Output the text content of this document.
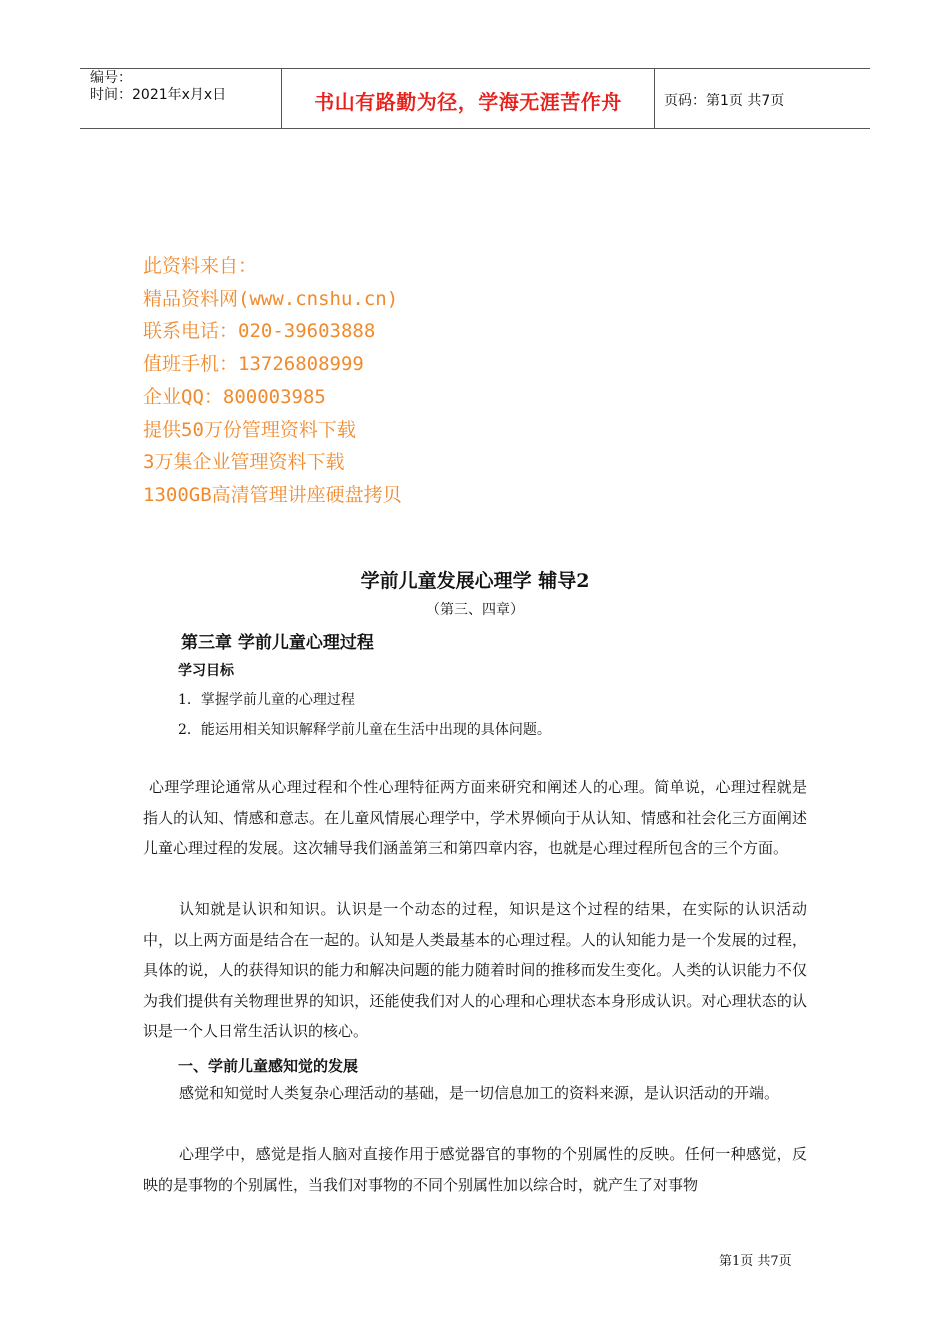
编号：
时间：2021年x月x日	书山有路勤为径，学海无涯苦作舟	页码：第1页 共7页
此资料来自：
精品资料网(www.cnshu.cn)
联系电话：020-39603888
值班手机：13726808999
企业QQ：800003985
提供50万份管理资料下载
3万集企业管理资料下载
1300GB高清管理讲座硬盘拷贝
学前儿童发展心理学 辅导2
（第三、四章）
第三章 学前儿童心理过程
学习目标
1．掌握学前儿童的心理过程
2．能运用相关知识解释学前儿童在生活中出现的具体问题。
心理学理论通常从心理过程和个性心理特征两方面来研究和阐述人的心理。简单说，心理过程就是指人的认知、情感和意志。在儿童风情展心理学中，学术界倾向于从认知、情感和社会化三方面阐述儿童心理过程的发展。这次辅导我们涵盖第三和第四章内容，也就是心理过程所包含的三个方面。
认知就是认识和知识。认识是一个动态的过程，知识是这个过程的结果，在实际的认识活动中，以上两方面是结合在一起的。认知是人类最基本的心理过程。人的认知能力是一个发展的过程，具体的说，人的获得知识的能力和解决问题的能力随着时间的推移而发生变化。人类的认识能力不仅为我们提供有关物理世界的知识，还能使我们对人的心理和心理状态本身形成认识。对心理状态的认识是一个人日常生活认识的核心。
一、学前儿童感知觉的发展
感觉和知觉时人类复杂心理活动的基础，是一切信息加工的资料来源，是认识活动的开端。
心理学中，感觉是指人脑对直接作用于感觉器官的事物的个别属性的反映。任何一种感觉，反映的是事物的个别属性，当我们对事物的不同个别属性加以综合时，就产生了对事物
第1页 共7页
